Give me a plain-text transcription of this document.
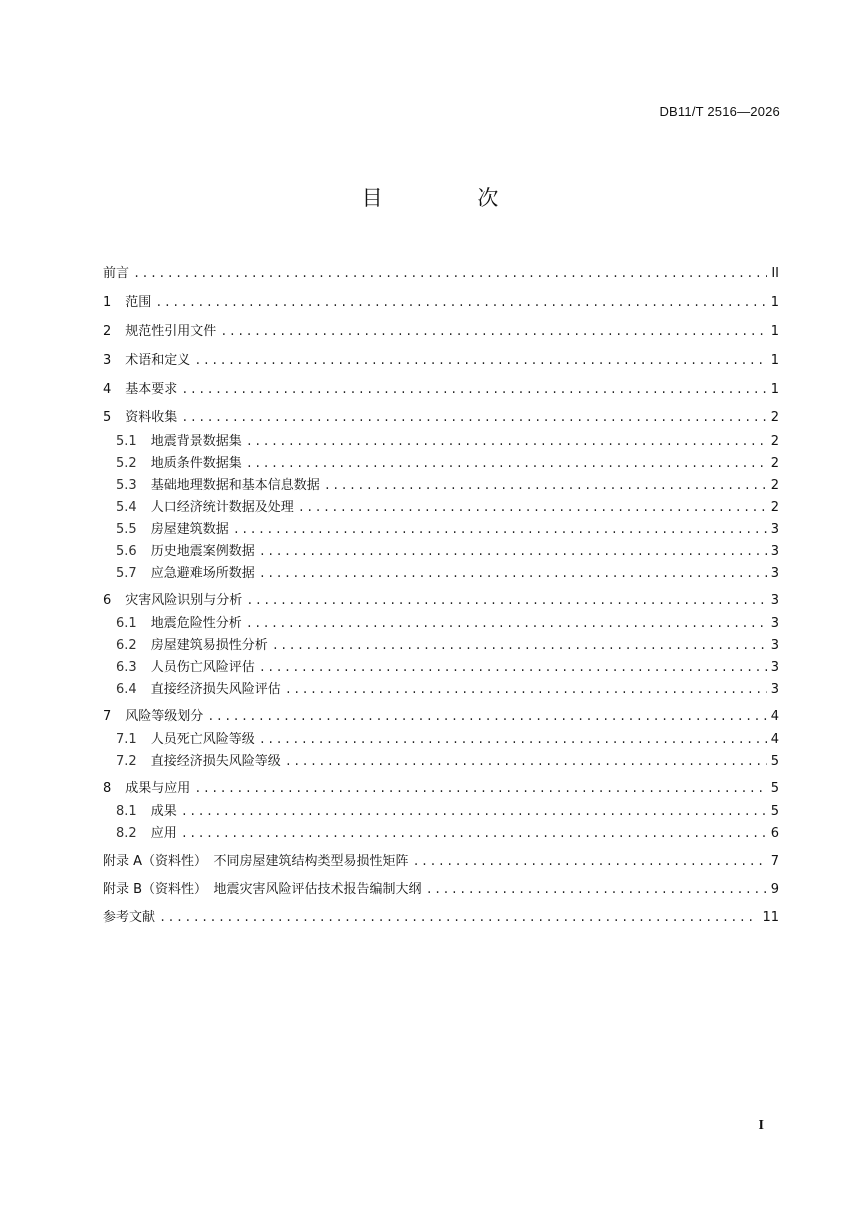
DB11/T 2516—2026
目 次
前言 .....	II
1 范围 .....	1
2 规范性引用文件 .....	1
3 术语和定义 .....	1
4 基本要求 .....	1
5 资料收集 .....	2
5.1 地震背景数据集 .....	2
5.2 地质条件数据集 .....	2
5.3 基础地理数据和基本信息数据 .....	2
5.4 人口经济统计数据及处理 .....	2
5.5 房屋建筑数据 .....	3
5.6 历史地震案例数据 .....	3
5.7 应急避难场所数据 .....	3
6 灾害风险识别与分析 .....	3
6.1 地震危险性分析 .....	3
6.2 房屋建筑易损性分析 .....	3
6.3 人员伤亡风险评估 .....	3
6.4 直接经济损失风险评估 .....	3
7 风险等级划分 .....	4
7.1 人员死亡风险等级 .....	4
7.2 直接经济损失风险等级 .....	5
8 成果与应用 .....	5
8.1 成果 .....	5
8.2 应用 .....	6
附录 A（资料性）　不同房屋建筑结构类型易损性矩阵 .....	7
附录 B（资料性）　地震灾害风险评估技术报告编制大纲 .....	9
参考文献 .....	11
I
